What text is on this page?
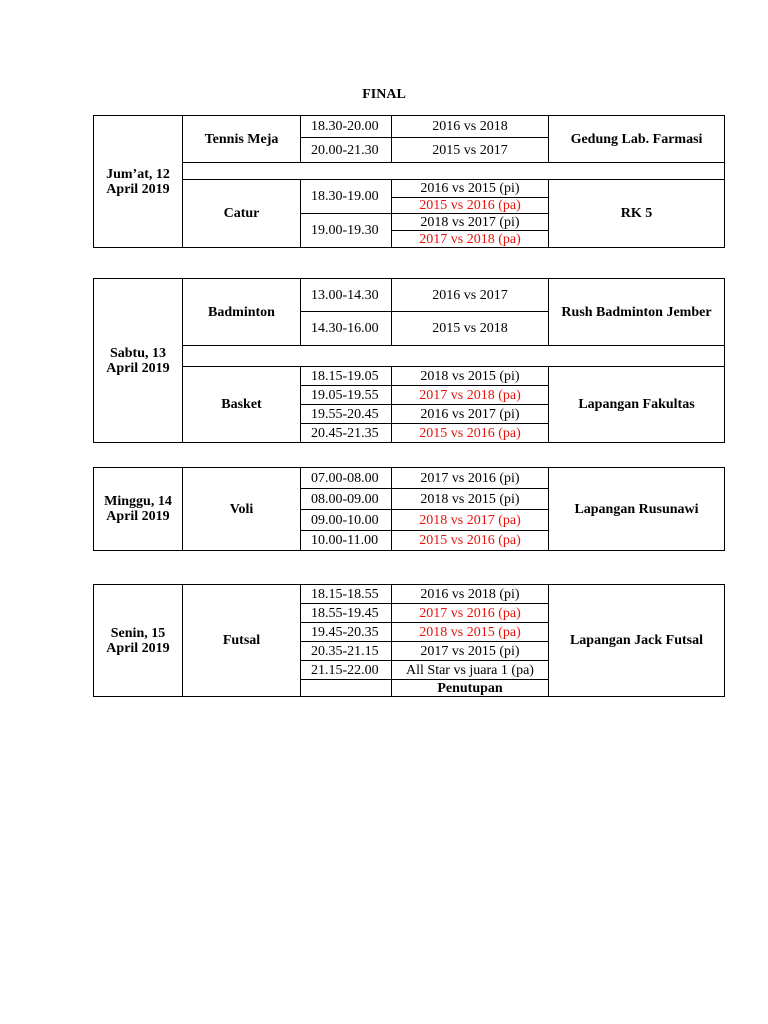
FINAL
Jum’at, 12 April 2019	Tennis Meja	18.30-20.00	2016 vs 2018	Gedung Lab. Farmasi
		20.00-21.30	2015 vs 2017	

	Catur	18.30-19.00	2016 vs 2015 (pi)	RK 5
			2015 vs 2016 (pa)	
		19.00-19.30	2018 vs 2017 (pi)	
			2017 vs 2018 (pa)	
Sabtu, 13 April 2019	Badminton	13.00-14.30	2016 vs 2017	Rush Badminton Jember
		14.30-16.00	2015 vs 2018	

	Basket	18.15-19.05	2018 vs 2015 (pi)	Lapangan Fakultas
		19.05-19.55	2017 vs 2018 (pa)	
		19.55-20.45	2016 vs 2017 (pi)	
		20.45-21.35	2015 vs 2016 (pa)	
Minggu, 14 April 2019	Voli	07.00-08.00	2017 vs 2016 (pi)	Lapangan Rusunawi
		08.00-09.00	2018 vs 2015 (pi)	
		09.00-10.00	2018 vs 2017 (pa)	
		10.00-11.00	2015 vs 2016 (pa)	
Senin, 15 April 2019	Futsal	18.15-18.55	2016 vs 2018 (pi)	Lapangan Jack Futsal
		18.55-19.45	2017 vs 2016 (pa)	
		19.45-20.35	2018 vs 2015 (pa)	
		20.35-21.15	2017 vs 2015 (pi)	
		21.15-22.00	All Star vs juara 1 (pa)	
			Penutupan	
